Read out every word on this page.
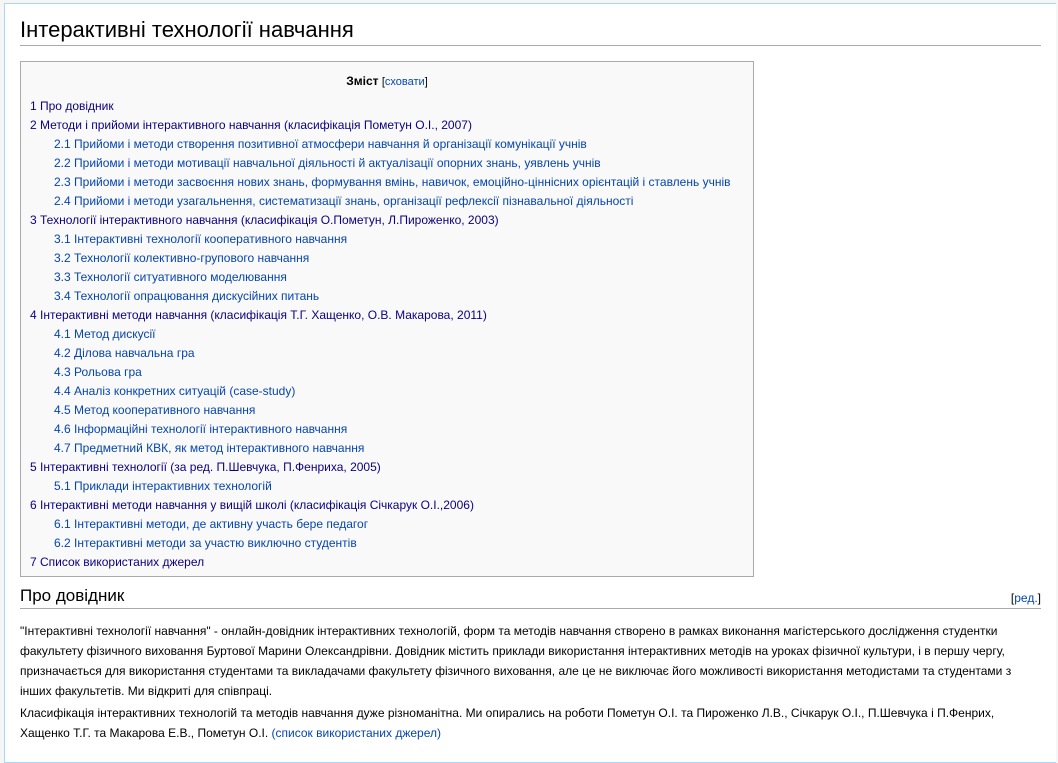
Інтерактивні технології навчання
Зміст [сховати]
1 Про довідник
2 Методи і прийоми інтерактивного навчання (класифікація Пометун О.І., 2007)
2.1 Прийоми і методи створення позитивної атмосфери навчання й організації комунікації учнів
2.2 Прийоми і методи мотивації навчальної діяльності й актуалізації опорних знань, уявлень учнів
2.3 Прийоми і методи засвоєння нових знань, формування вмінь, навичок, емоційно-ціннісних орієнтацій і ставлень учнів
2.4 Прийоми і методи узагальнення, систематизації знань, організації рефлексії пізнавальної діяльності
3 Технології інтерактивного навчання (класифікація О.Пометун, Л.Пироженко, 2003)
3.1 Інтерактивні технології кооперативного навчання
3.2 Технології колективно-групового навчання
3.3 Технології ситуативного моделювання
3.4 Технології опрацювання дискусійних питань
4 Інтерактивні методи навчання (класифікація Т.Г. Хащенко, О.В. Макарова, 2011)
4.1 Метод дискусії
4.2 Ділова навчальна гра
4.3 Рольова гра
4.4 Аналіз конкретних ситуацій (case-study)
4.5 Метод кооперативного навчання
4.6 Інформаційні технології інтерактивного навчання
4.7 Предметний КВК, як метод інтерактивного навчання
5 Інтерактивні технології (за ред. П.Шевчука, П.Фенриха, 2005)
5.1 Приклади інтерактивних технологій
6 Інтерактивні методи навчання у вищій школі (класифікація Січкарук О.І.,2006)
6.1 Інтерактивні методи, де активну участь бере педагог
6.2 Інтерактивні методи за участю виключно студентів
7 Список використаних джерел
Про довідник	[ред.]

"Інтерактивні технології навчання" - онлайн-довідник інтерактивних технологій, форм та методів навчання створено в рамках виконання магістерського дослідження студентки факультету фізичного виховання Буртової Марини Олександрівни. Довідник містить приклади використання інтерактивних методів на уроках фізичної культури, і в першу чергу, призначається для використання студентами та викладачами факультету фізичного виховання, але це не виключає його можливості використання методистами та студентами з інших факультетів. Ми відкриті для співпраці.

Класифікація інтерактивних технологій та методів навчання дуже різноманітна. Ми опирались на роботи Пометун О.І. та Пироженко Л.В., Січкарук О.І., П.Шевчука і П.Фенрих, Хащенко Т.Г. та Макарова Е.В., Пометун О.І. (список використаних джерел)
